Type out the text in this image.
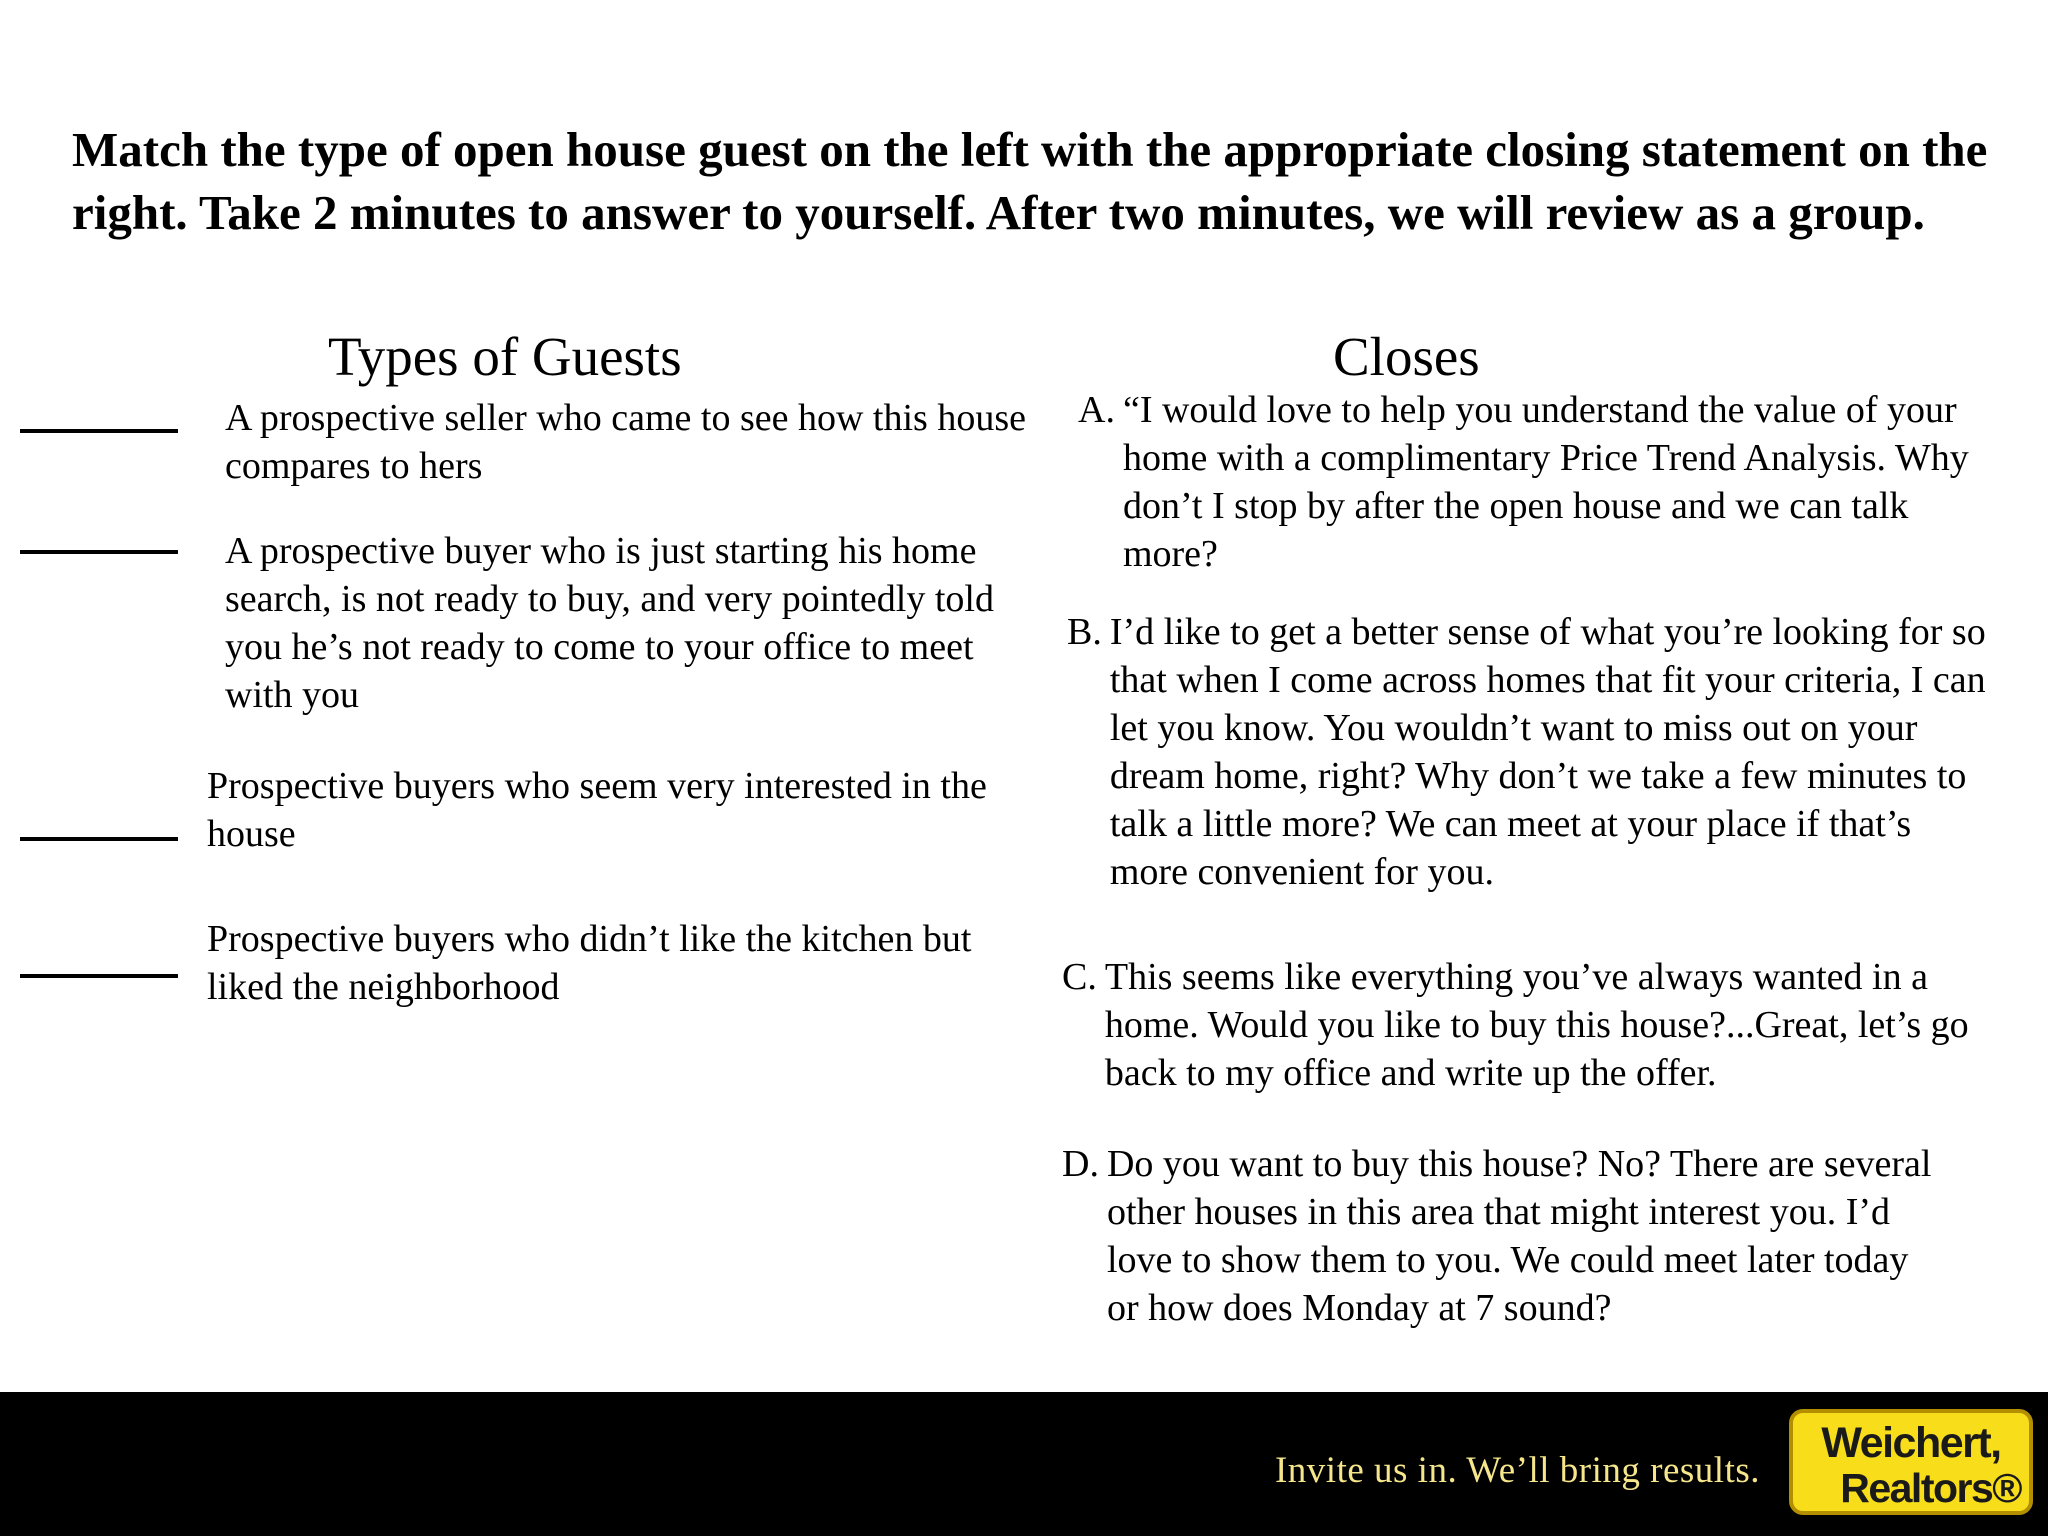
Match the type of open house guest on the left with the appropriate closing statement on the right. Take 2 minutes to answer to yourself. After two minutes, we will review as a group.

Types of Guests	Closes

A prospective seller who came to see how this house compares to hers

A prospective buyer who is just starting his home search, is not ready to buy, and very pointedly told you he’s not ready to come to your office to meet with you

Prospective buyers who seem very interested in the house

Prospective buyers who didn’t like the kitchen but liked the neighborhood

A. “I would love to help you understand the value of your home with a complimentary Price Trend Analysis. Why don’t I stop by after the open house and we can talk more?
B. I’d like to get a better sense of what you’re looking for so that when I come across homes that fit your criteria, I can let you know. You wouldn’t want to miss out on your dream home, right? Why don’t we take a few minutes to talk a little more? We can meet at your place if that’s more convenient for you.
C. This seems like everything you’ve always wanted in a home. Would you like to buy this house?...Great, let’s go back to my office and write up the offer.
D. Do you want to buy this house? No? There are several other houses in this area that might interest you. I’d love to show them to you. We could meet later today or how does Monday at 7 sound?
Invite us in. We’ll bring results.
Weichert,
Realtors®
